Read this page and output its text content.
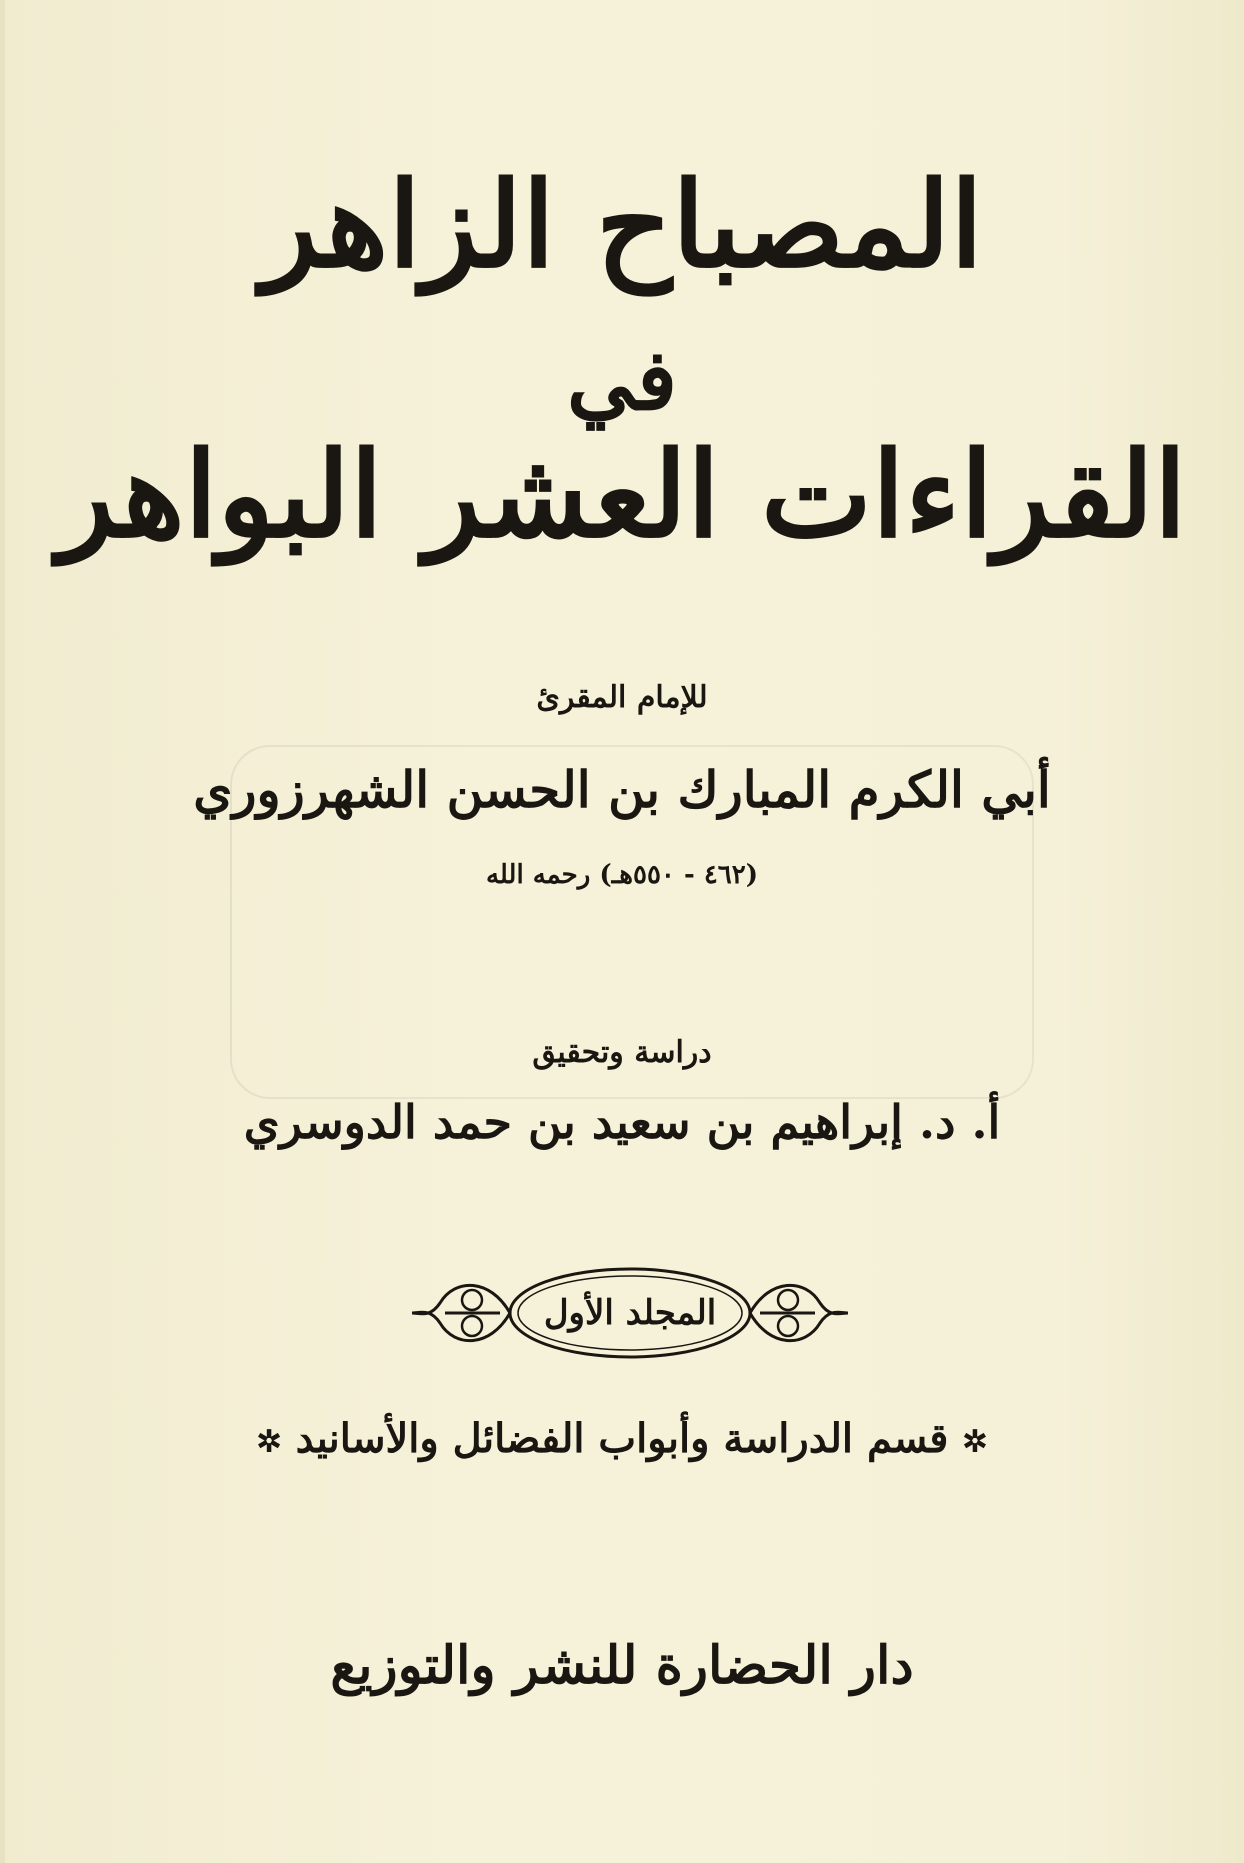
المصباح الزاهر
في
القراءات العشر البواهر
للإمام المقرئ
أبي الكرم المبارك بن الحسن الشهرزوري
(٤٦٢ - ٥٥٠هـ) رحمه الله
دراسة وتحقيق
أ. د. إبراهيم بن سعيد بن حمد الدوسري
المجلد الأول
✲ قسم الدراسة وأبواب الفضائل والأسانيد ✲
دار الحضارة للنشر والتوزيع
